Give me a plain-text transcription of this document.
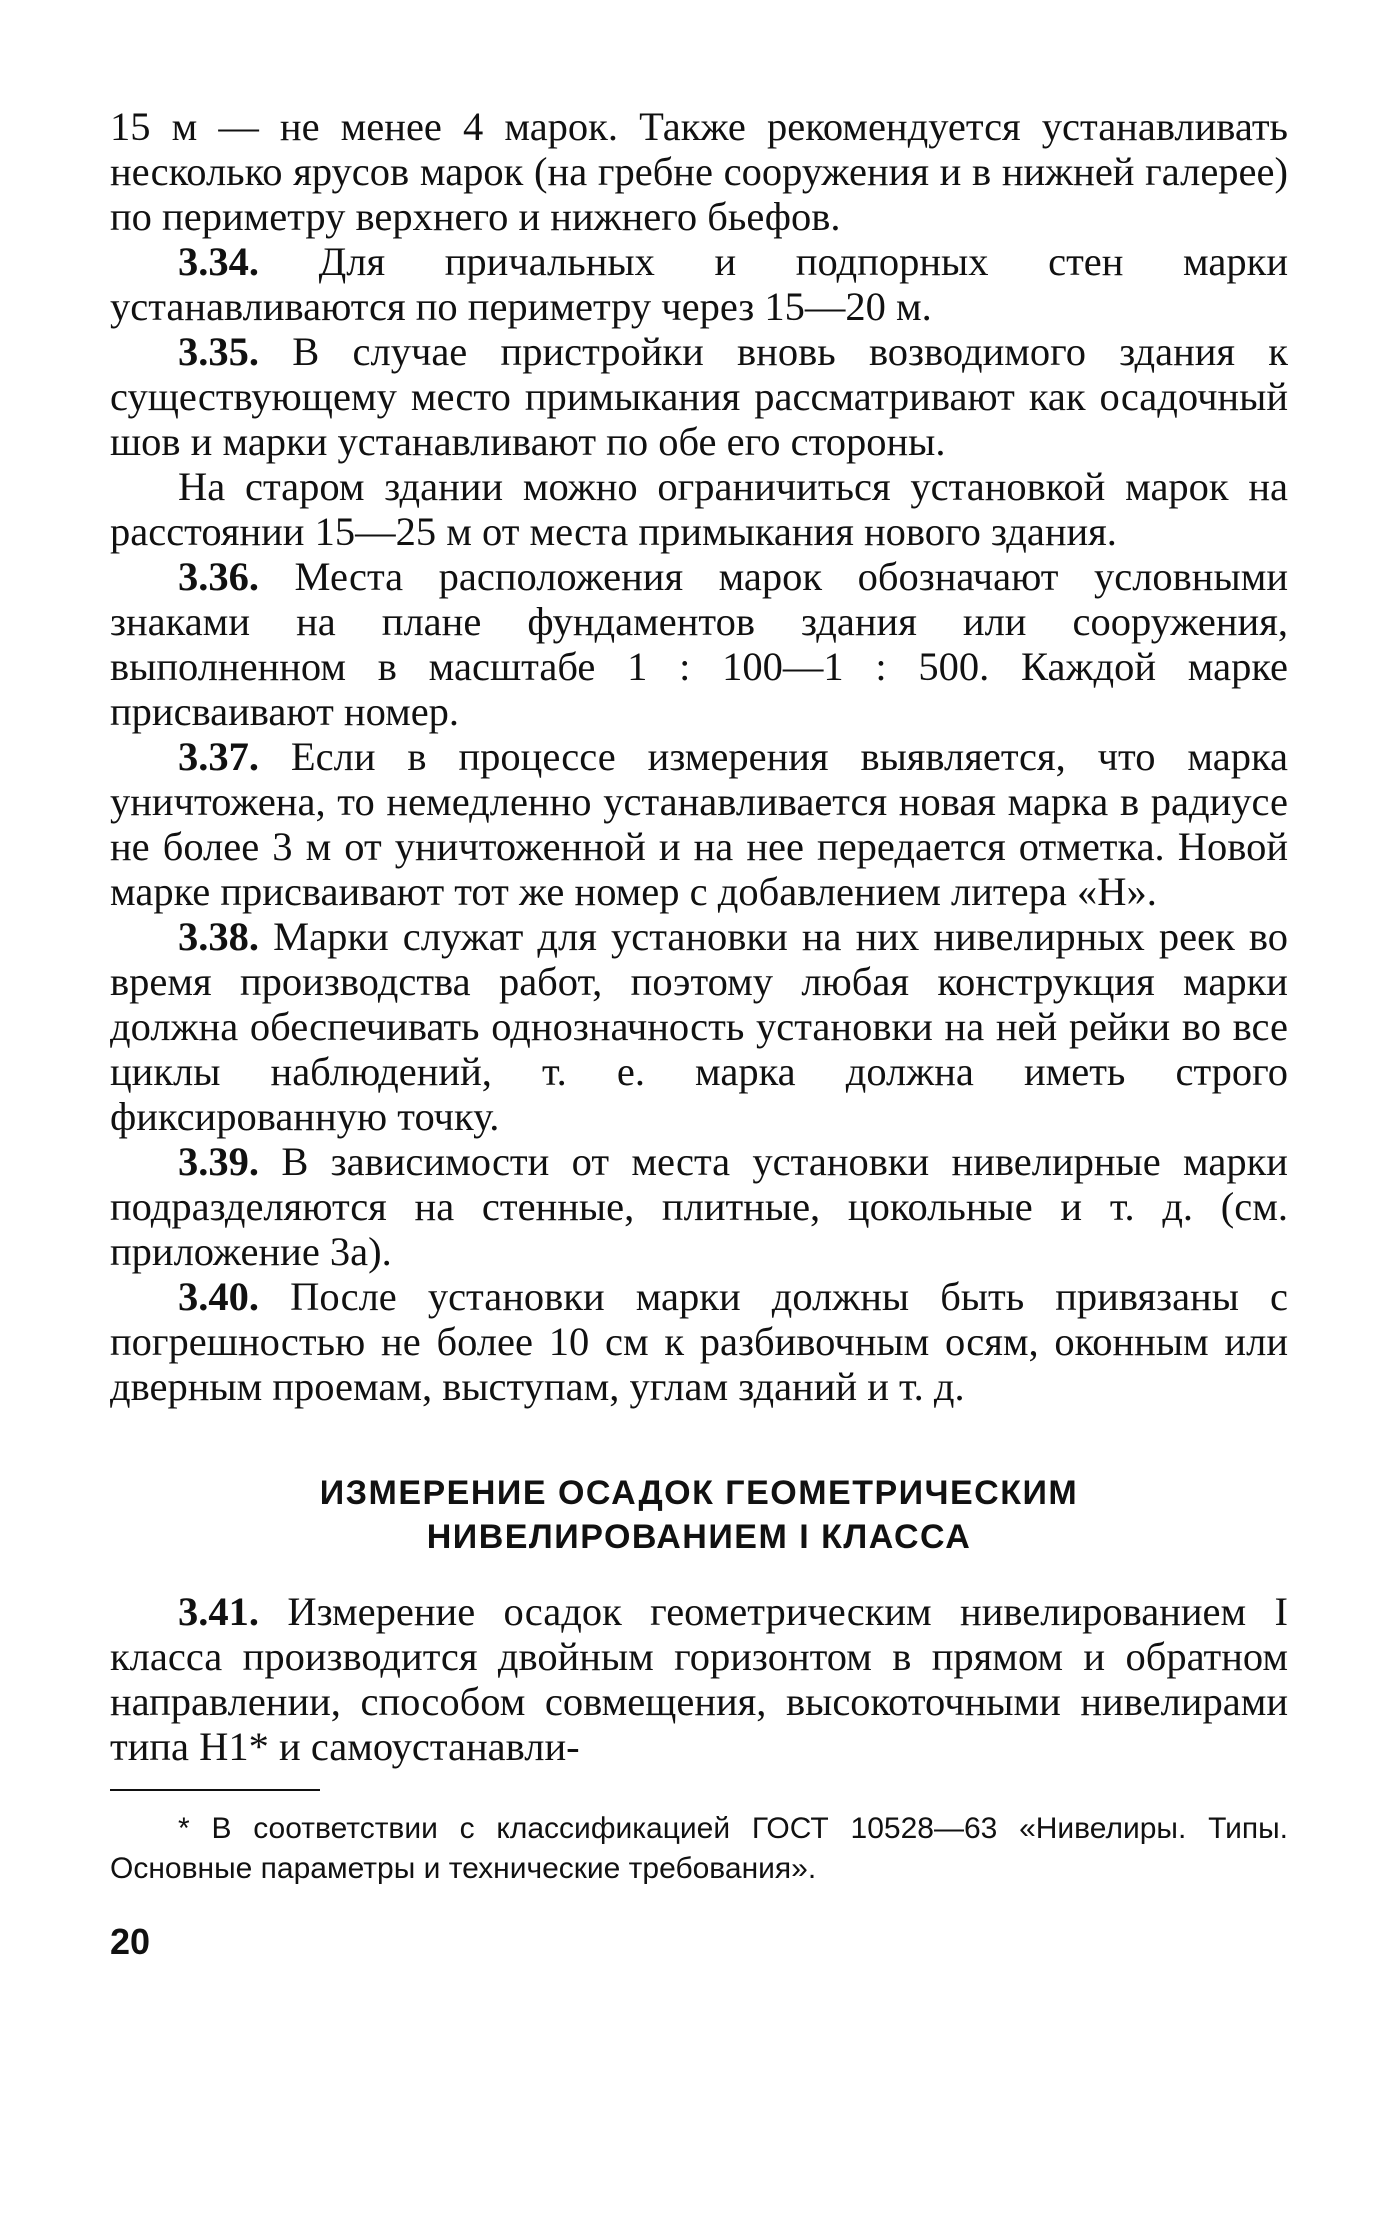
15 м — не менее 4 марок. Также рекомендуется устанавливать несколько ярусов марок (на гребне сооружения и в нижней галерее) по периметру верхнего и нижнего бьефов.

3.34. Для причальных и подпорных стен марки устанавливаются по периметру через 15—20 м.

3.35. В случае пристройки вновь возводимого здания к существующему место примыкания рассматривают как осадочный шов и марки устанавливают по обе его стороны.

На старом здании можно ограничиться установкой марок на расстоянии 15—25 м от места примыкания нового здания.

3.36. Места расположения марок обозначают условными знаками на плане фундаментов здания или сооружения, выполненном в масштабе 1 : 100—1 : 500. Каждой марке присваивают номер.

3.37. Если в процессе измерения выявляется, что марка уничтожена, то немедленно устанавливается новая марка в радиусе не более 3 м от уничтоженной и на нее передается отметка. Новой марке присваивают тот же номер с добавлением литера «Н».

3.38. Марки служат для установки на них нивелирных реек во время производства работ, поэтому любая конструкция марки должна обеспечивать однозначность установки на ней рейки во все циклы наблюдений, т. е. марка должна иметь строго фиксированную точку.

3.39. В зависимости от места установки нивелирные марки подразделяются на стенные, плитные, цокольные и т. д. (см. приложение 3а).

3.40. После установки марки должны быть привязаны с погрешностью не более 10 см к разбивочным осям, оконным или дверным проемам, выступам, углам зданий и т. д.

ИЗМЕРЕНИЕ ОСАДОК ГЕОМЕТРИЧЕСКИМ
НИВЕЛИРОВАНИЕМ I КЛАССА

3.41. Измерение осадок геометрическим нивелированием I класса производится двойным горизонтом в прямом и обратном направлении, способом совмещения, высокоточными нивелирами типа Н1* и самоустанавли-

* В соответствии с классификацией ГОСТ 10528—63 «Нивелиры. Типы. Основные параметры и технические требования».

20
